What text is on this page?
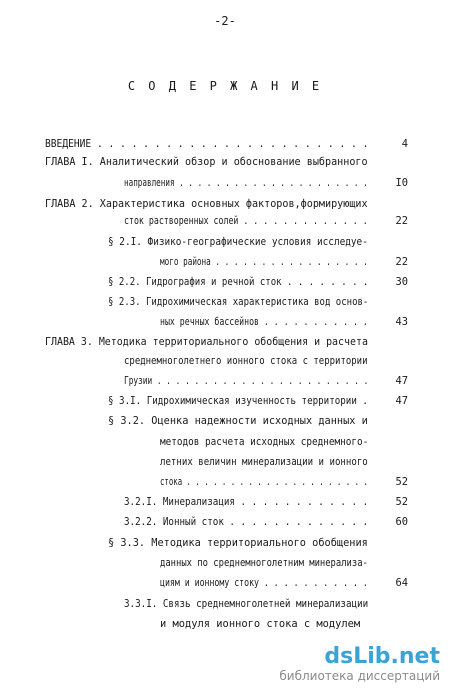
-2-
С О Д Е Р Ж А Н И Е
ВВЕДЕНИЕ . . . . . . . . . . . . . . . . . . . . . . . .	4
ГЛАВА I. Аналитический обзор и обоснование выбранного
направления . . . . . . . . . . . . . . . . . . . . .	I0
ГЛАВА 2. Характеристика основных факторов,формирующих
сток растворенных солей . . . . . . . . . . . . .	22
§ 2.I. Физико-географические условия исследуе-
мого района . . . . . . . . . . . . . . . . .	22
§ 2.2. Гидрография и речной сток . . . . . . . .	30
§ 2.3. Гидрохимическая характеристика вод основ-
ных речных бассейнов . . . . . . . . . . .	43
ГЛАВА 3. Методика территориального обобщения и расчета
среднемноголетнего ионного стока с территории
Грузии . . . . . . . . . . . . . . . . . . . . . . .	47
§ 3.I. Гидрохимическая изученность территории .	47
§ 3.2. Оценка надежности исходных данных и
методов расчета исходных среднемного-
летних величин минерализации и ионного
стока . . . . . . . . . . . . . . . . . . . . .	52
3.2.I. Минерализация . . . . . . . . . . . .	52
3.2.2. Ионный сток . . . . . . . . . . . . .	60
§ 3.3. Методика территориального обобщения
данных по среднемноголетним минерализа-
циям и ионному стоку . . . . . . . . . . .	64
3.3.I. Связь среднемноголетней минерализации
и модуля ионного стока с модулем
dsLib.net
библиотека диссертаций
